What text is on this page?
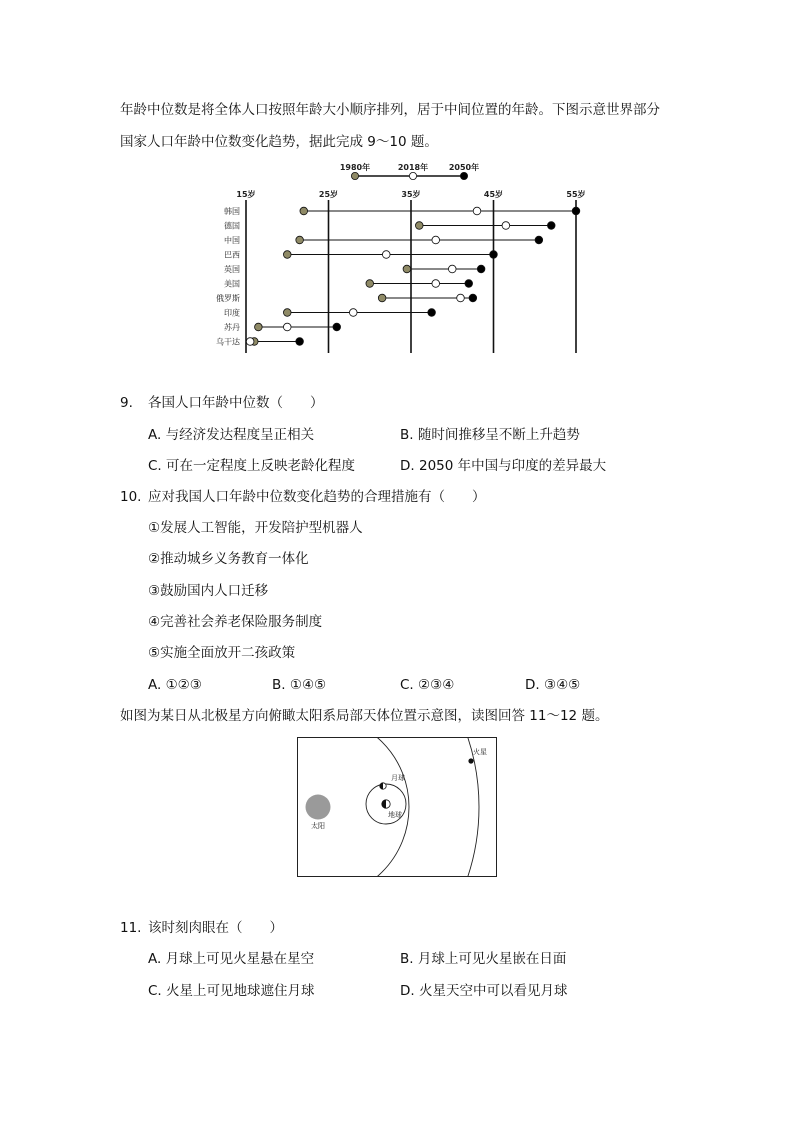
年龄中位数是将全体人口按照年龄大小顺序排列，居于中间位置的年龄。下图示意世界部分
国家人口年龄中位数变化趋势，据此完成 9～10 题。
1980年	2018年	2050年
15岁	25岁	35岁	45岁	55岁
韩国
德国
中国
巴西
英国
美国
俄罗斯
印度
苏丹
乌干达
9. 各国人口年龄中位数（　　）
A. 与经济发达程度呈正相关	B. 随时间推移呈不断上升趋势
C. 可在一定程度上反映老龄化程度	D. 2050 年中国与印度的差异最大
10. 应对我国人口年龄中位数变化趋势的合理措施有（　　）
①发展人工智能，开发陪护型机器人
②推动城乡义务教育一体化
③鼓励国内人口迁移
④完善社会养老保险服务制度
⑤实施全面放开二孩政策
A. ①②③	B. ①④⑤	C. ②③④	D. ③④⑤
如图为某日从北极星方向俯瞰太阳系局部天体位置示意图，读图回答 11～12 题。
太阳
地球
月球
火星
11. 该时刻肉眼在（　　）
A. 月球上可见火星悬在星空	B. 月球上可见火星嵌在日面
C. 火星上可见地球遮住月球	D. 火星天空中可以看见月球
